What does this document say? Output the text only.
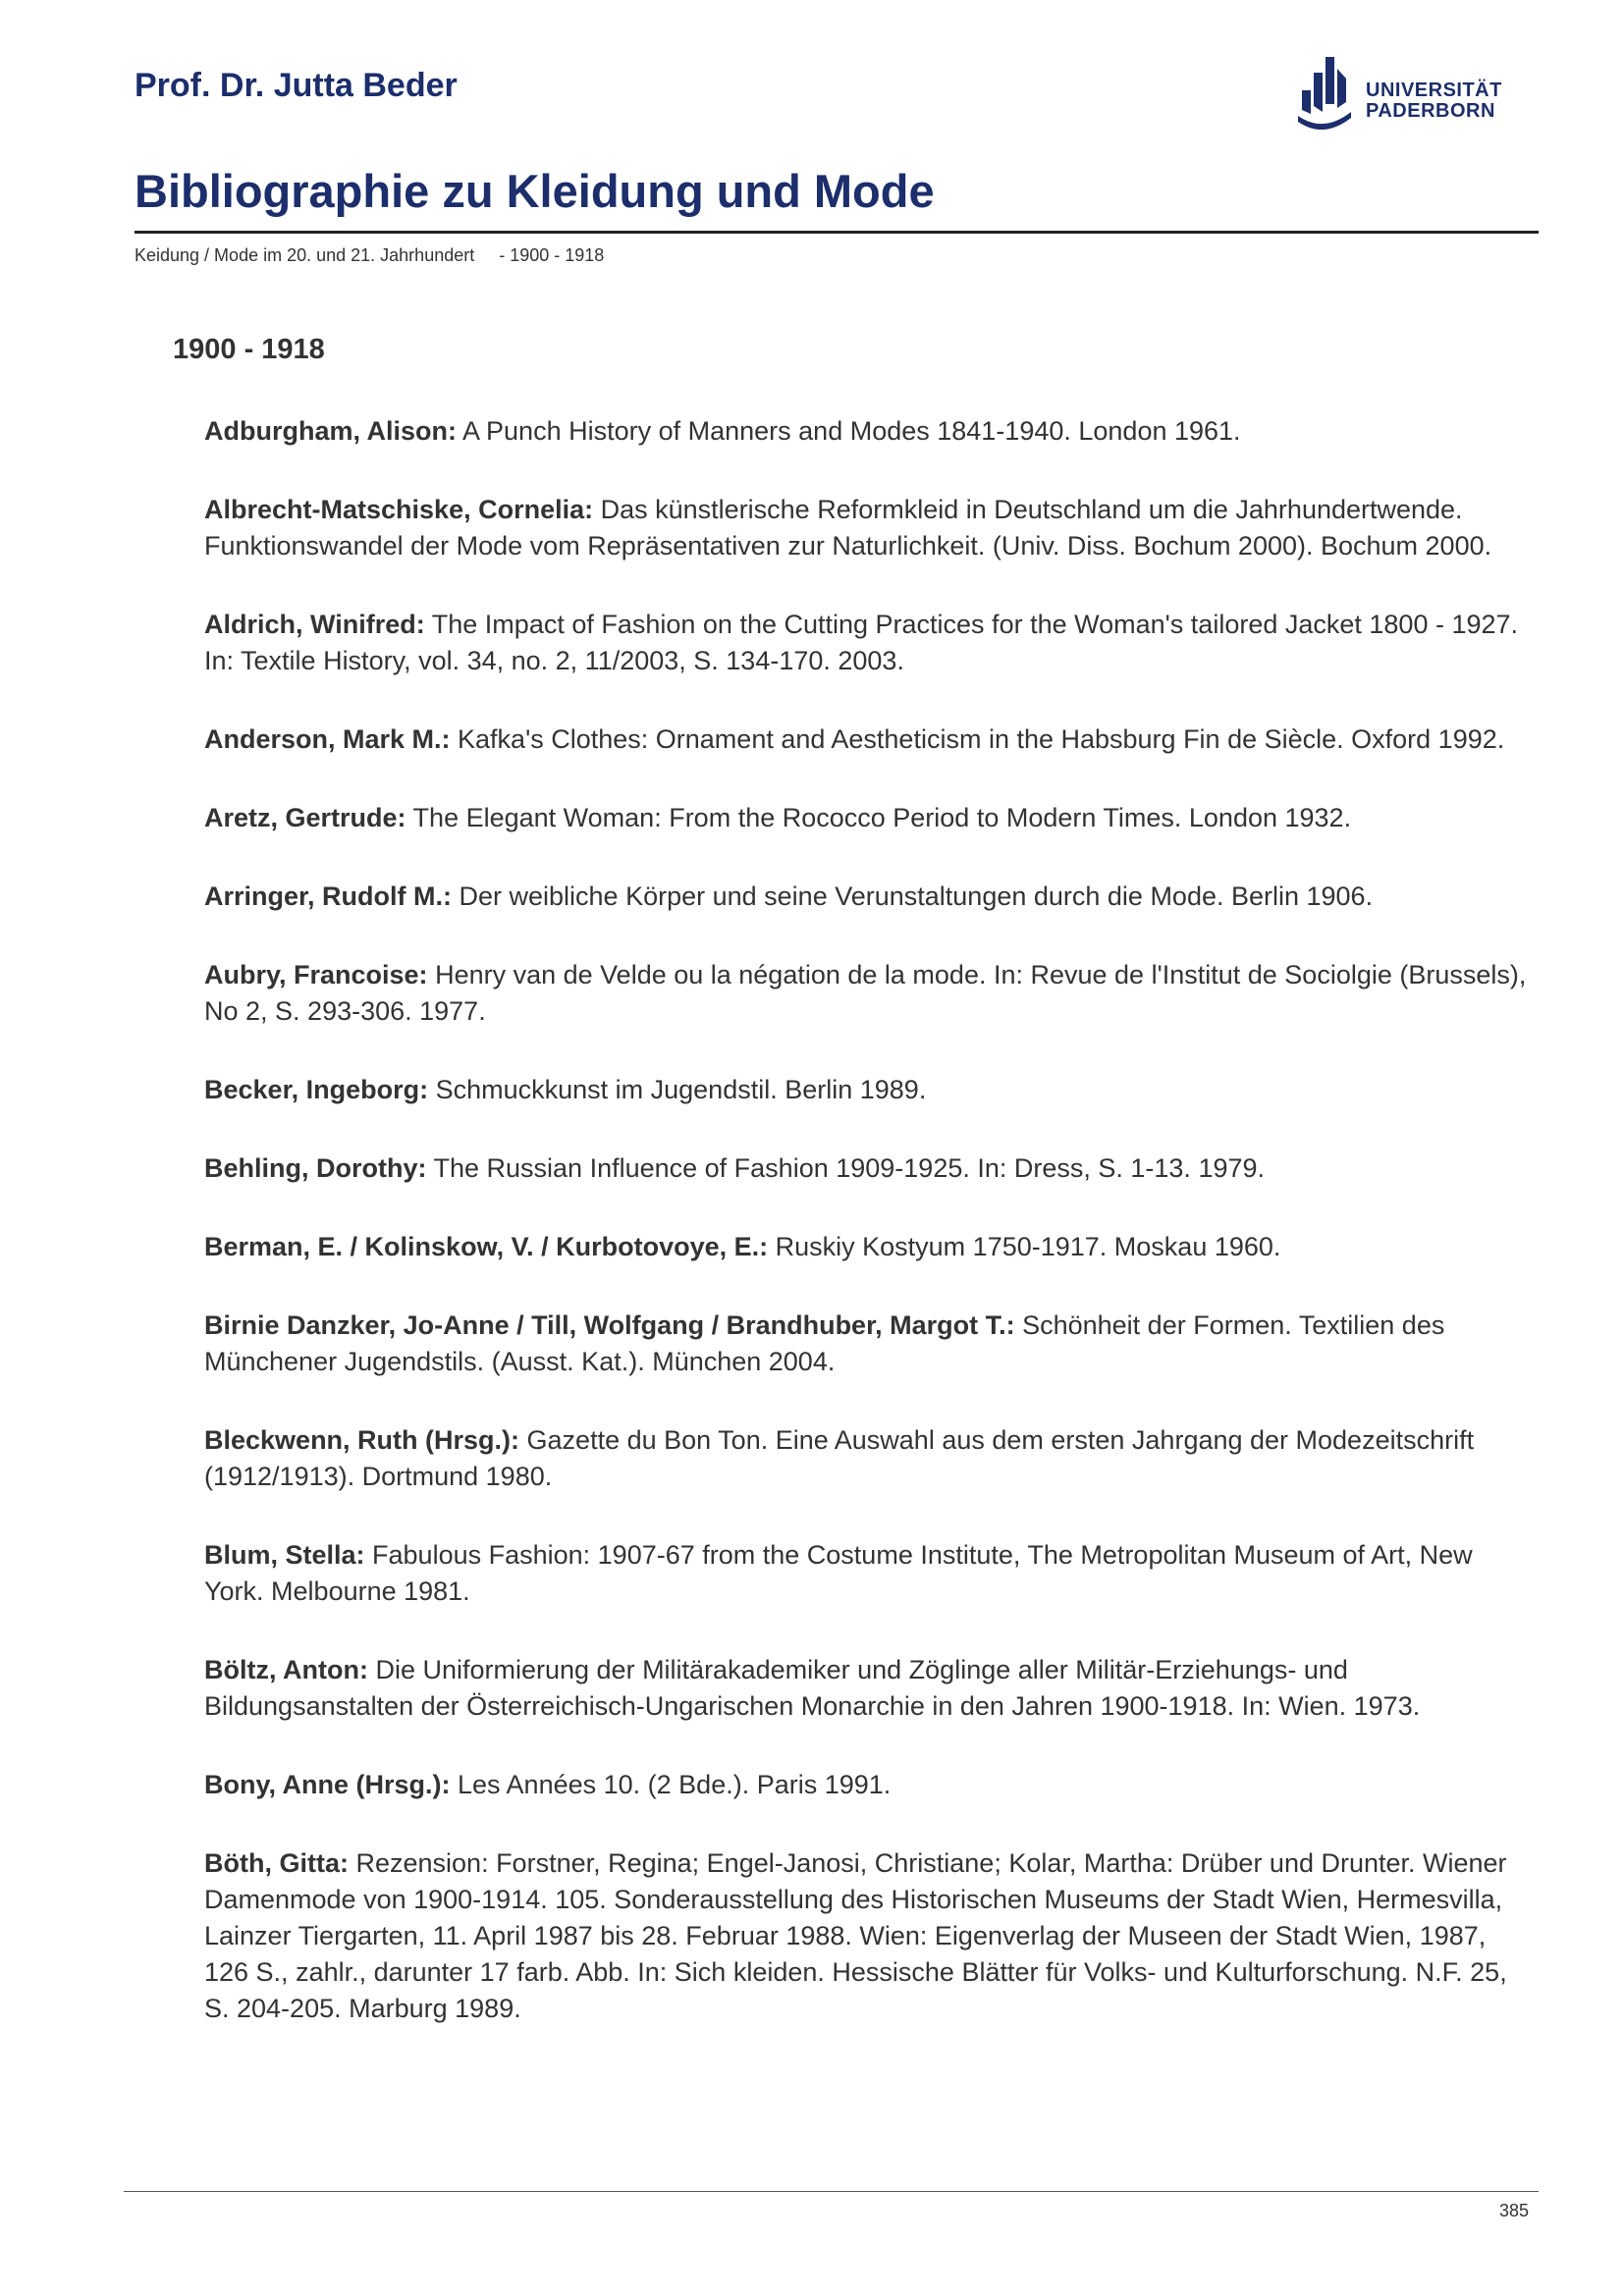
Prof. Dr. Jutta Beder	UNIVERSITÄT
PADERBORN
Bibliographie zu Kleidung und Mode
Keidung / Mode im 20. und 21. Jahrhundert     - 1900 - 1918
1900 - 1918
Adburgham, Alison: A Punch History of Manners and Modes 1841-1940. London 1961.
Albrecht-Matschiske, Cornelia: Das künstlerische Reformkleid in Deutschland um die Jahrhundertwende. Funktionswandel der Mode vom Repräsentativen zur Naturlichkeit. (Univ. Diss. Bochum 2000). Bochum 2000.
Aldrich, Winifred: The Impact of Fashion on the Cutting Practices for the Woman's tailored Jacket 1800 - 1927. In: Textile History, vol. 34, no. 2, 11/2003, S. 134-170. 2003.
Anderson, Mark M.: Kafka's Clothes: Ornament and Aestheticism in the Habsburg Fin de Siècle. Oxford 1992.
Aretz, Gertrude: The Elegant Woman: From the Rococco Period to Modern Times. London 1932.
Arringer, Rudolf M.: Der weibliche Körper und seine Verunstaltungen durch die Mode. Berlin 1906.
Aubry, Francoise: Henry van de Velde ou la négation de la mode. In: Revue de l'Institut de Sociolgie (Brussels), No 2, S. 293-306. 1977.
Becker, Ingeborg: Schmuckkunst im Jugendstil. Berlin 1989.
Behling, Dorothy: The Russian Influence of Fashion 1909-1925. In: Dress, S. 1-13. 1979.
Berman, E. / Kolinskow, V. / Kurbotovoye, E.: Ruskiy Kostyum 1750-1917. Moskau 1960.
Birnie Danzker, Jo-Anne / Till, Wolfgang / Brandhuber, Margot T.: Schönheit der Formen. Textilien des Münchener Jugendstils. (Ausst. Kat.). München 2004.
Bleckwenn, Ruth (Hrsg.): Gazette du Bon Ton. Eine Auswahl aus dem ersten Jahrgang der Modezeitschrift (1912/1913). Dortmund 1980.
Blum, Stella: Fabulous Fashion: 1907-67 from the Costume Institute, The Metropolitan Museum of Art, New York. Melbourne 1981.
Böltz, Anton: Die Uniformierung der Militärakademiker und Zöglinge aller Militär-Erziehungs- und Bildungsanstalten der Österreichisch-Ungarischen Monarchie in den Jahren 1900-1918. In: Wien. 1973.
Bony, Anne (Hrsg.): Les Années 10. (2 Bde.). Paris 1991.
Böth, Gitta: Rezension: Forstner, Regina; Engel-Janosi, Christiane; Kolar, Martha: Drüber und Drunter. Wiener Damenmode von 1900-1914. 105. Sonderausstellung des Historischen Museums der Stadt Wien, Hermesvilla, Lainzer Tiergarten, 11. April 1987 bis 28. Februar 1988. Wien: Eigenverlag der Museen der Stadt Wien, 1987, 126 S., zahlr., darunter 17 farb. Abb. In: Sich kleiden. Hessische Blätter für Volks- und Kulturforschung. N.F. 25, S. 204-205. Marburg 1989.
385
